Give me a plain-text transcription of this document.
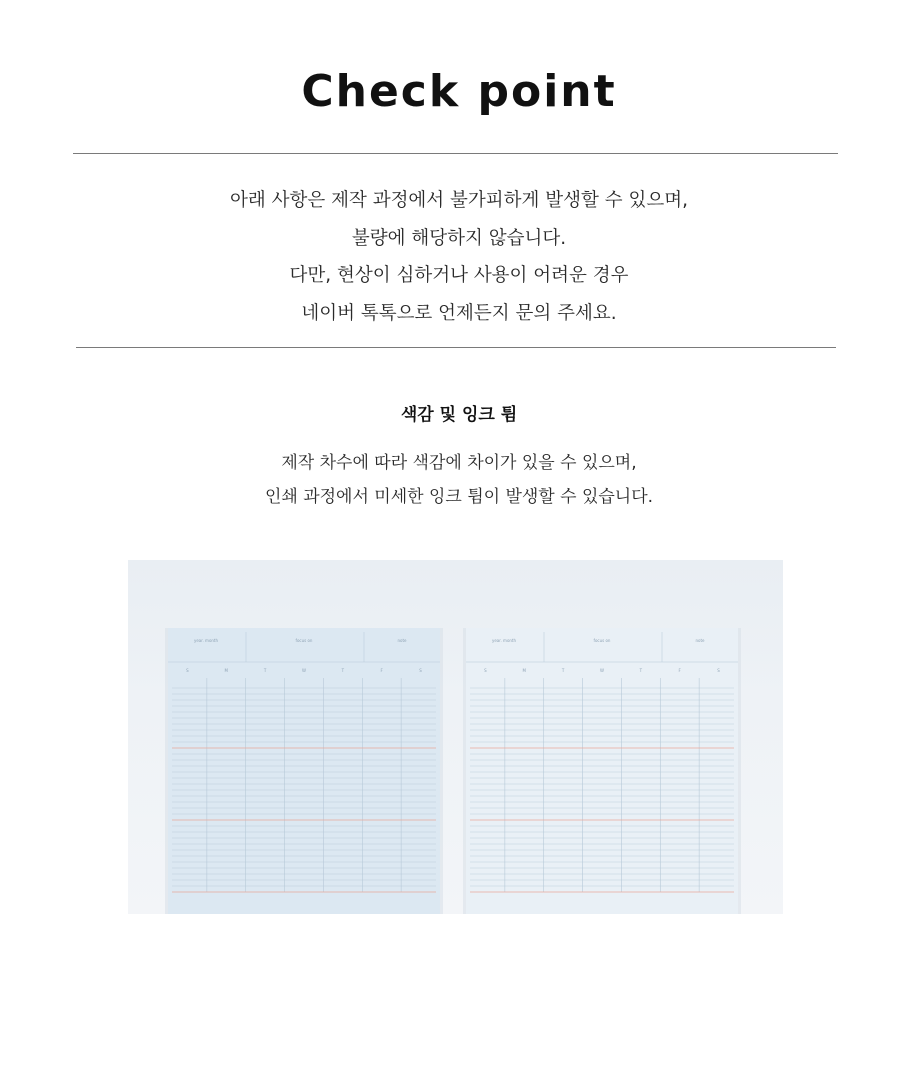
Check point
아래 사항은 제작 과정에서 불가피하게 발생할 수 있으며,
불량에 해당하지 않습니다.
다만, 현상이 심하거나 사용이 어려운 경우
네이버 톡톡으로 언제든지 문의 주세요.
색감 및 잉크 튐
제작 차수에 따라 색감에 차이가 있을 수 있으며,
인쇄 과정에서 미세한 잉크 튐이 발생할 수 있습니다.
year. month	focus on	note
S	M	T	W	T	F	S
year. month	focus on	note
S	M	T	W	T	F	S
